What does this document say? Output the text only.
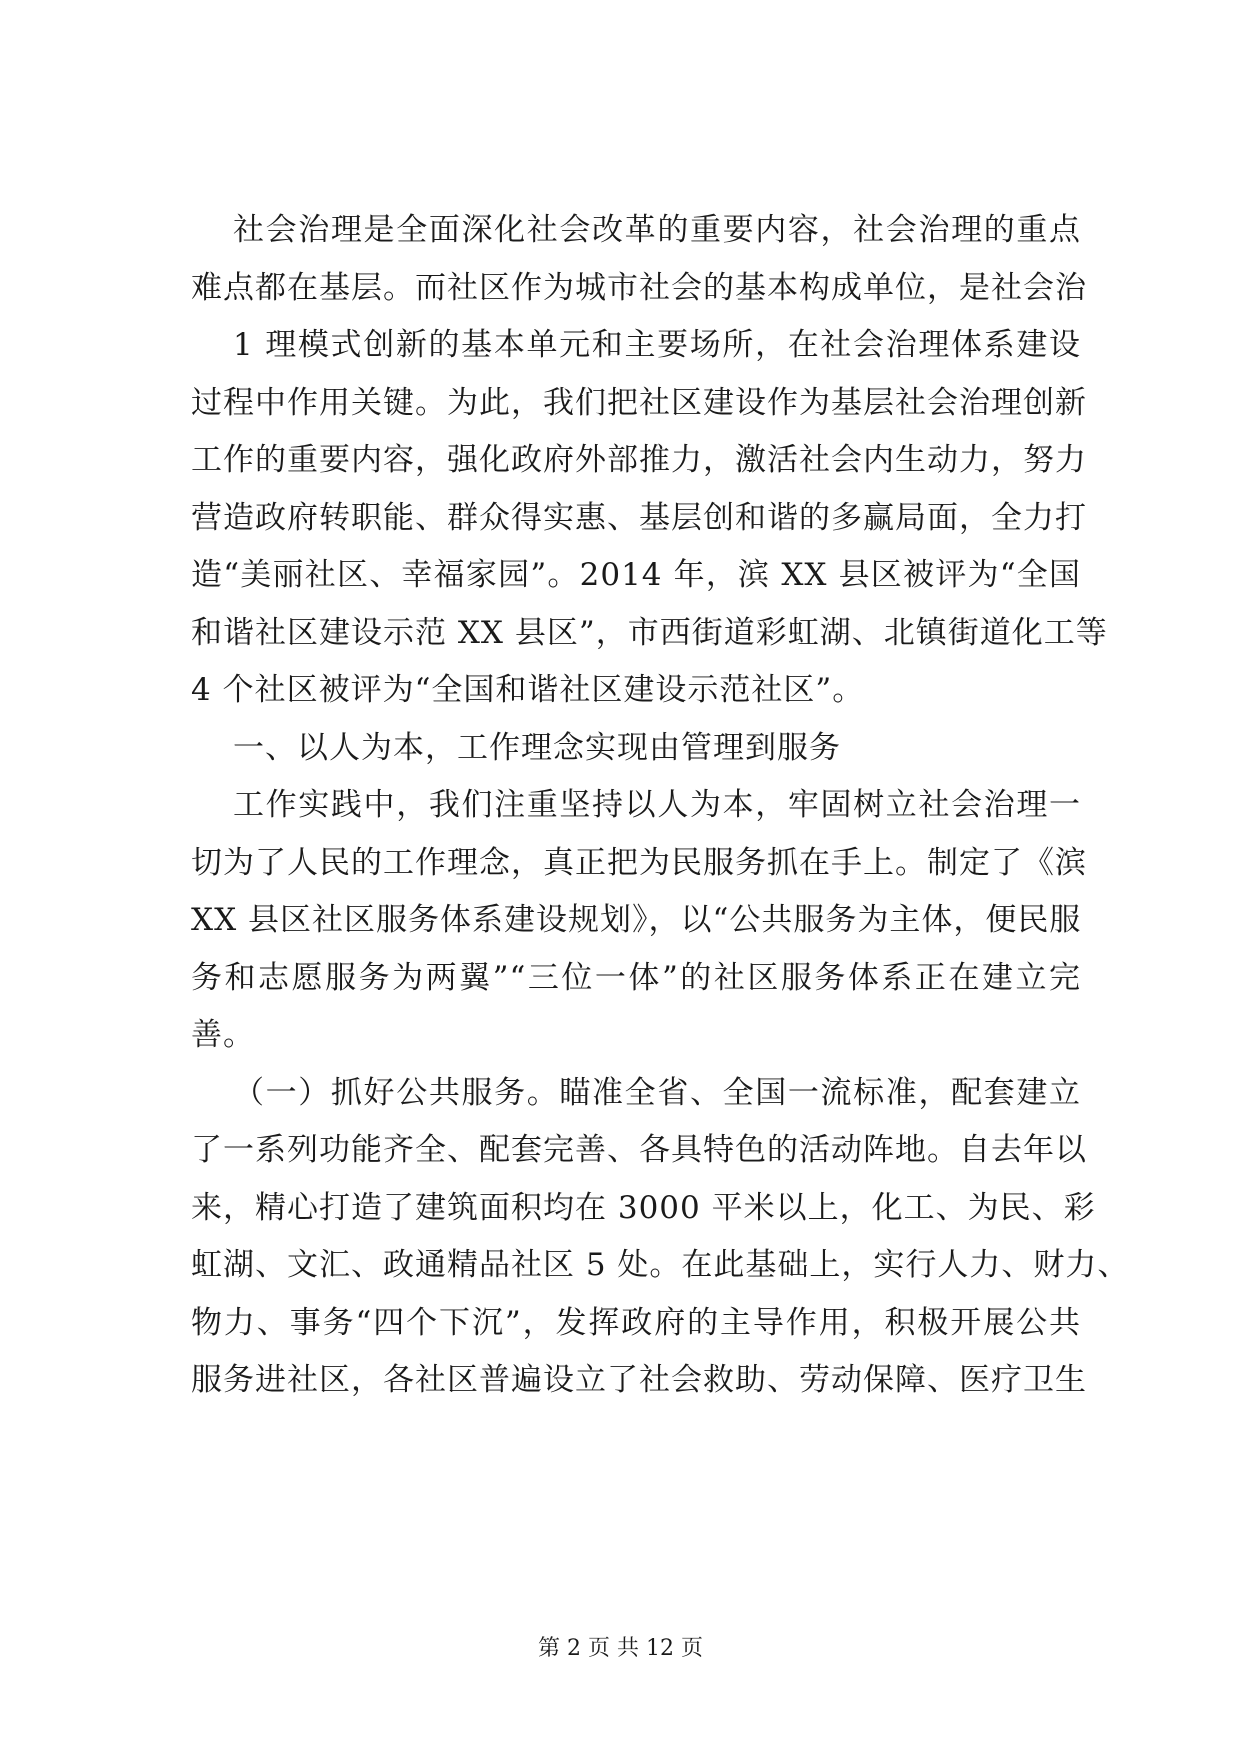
社会治理是全面深化社会改革的重要内容，社会治理的重点
难点都在基层。而社区作为城市社会的基本构成单位，是社会治
1 理模式创新的基本单元和主要场所，在社会治理体系建设
过程中作用关键。为此，我们把社区建设作为基层社会治理创新
工作的重要内容，强化政府外部推力，激活社会内生动力，努力
营造政府转职能、群众得实惠、基层创和谐的多赢局面，全力打
造“美丽社区、幸福家园”。2014 年，滨 XX 县区被评为“全国
和谐社区建设示范 XX 县区”，市西街道彩虹湖、北镇街道化工等
4 个社区被评为“全国和谐社区建设示范社区”。
一、以人为本，工作理念实现由管理到服务
工作实践中，我们注重坚持以人为本，牢固树立社会治理一
切为了人民的工作理念，真正把为民服务抓在手上。制定了《滨
XX 县区社区服务体系建设规划》，以“公共服务为主体，便民服
务和志愿服务为两翼”“三位一体”的社区服务体系正在建立完
善。
（一）抓好公共服务。瞄准全省、全国一流标准，配套建立
了一系列功能齐全、配套完善、各具特色的活动阵地。自去年以
来，精心打造了建筑面积均在 3000 平米以上，化工、为民、彩
虹湖、文汇、政通精品社区 5 处。在此基础上，实行人力、财力、
物力、事务“四个下沉”，发挥政府的主导作用，积极开展公共
服务进社区，各社区普遍设立了社会救助、劳动保障、医疗卫生
第 2 页 共 12 页
